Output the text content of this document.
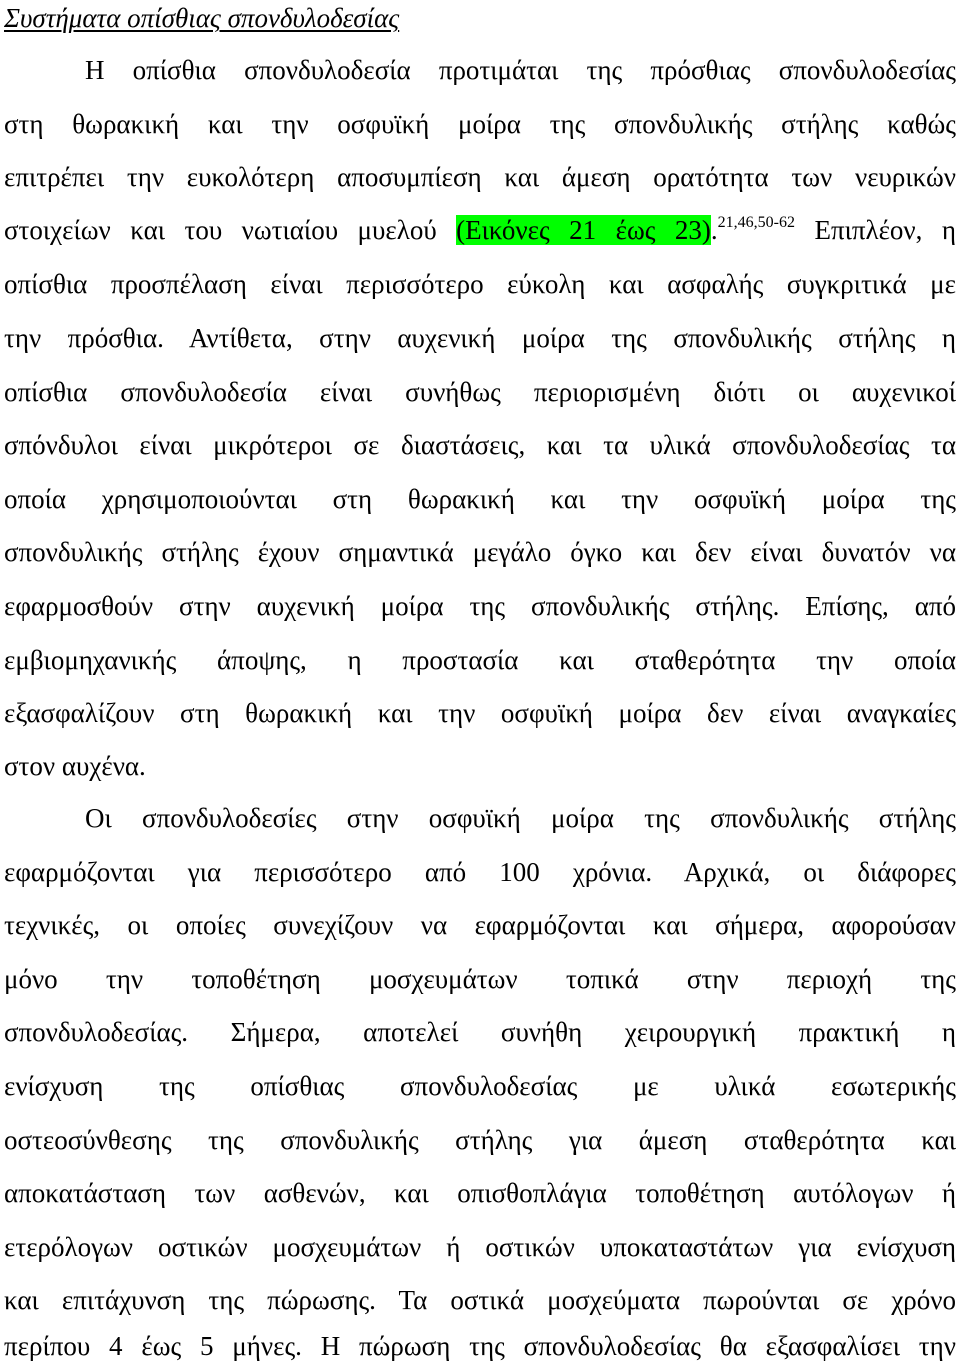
Συστήματα οπίσθιας σπονδυλοδεσίας
Η οπίσθια σπονδυλοδεσία προτιμάται της πρόσθιας σπονδυλοδεσίας
στη θωρακική και την οσφυϊκή μοίρα της σπονδυλικής στήλης καθώς
επιτρέπει την ευκολότερη αποσυμπίεση και άμεση ορατότητα των νευρικών
στοιχείων και του νωτιαίου μυελού (Εικόνες 21 έως 23).$^{21,46,50-62}$ Επιπλέον, η
οπίσθια προσπέλαση είναι περισσότερο εύκολη και ασφαλής συγκριτικά με
την πρόσθια. Αντίθετα, στην αυχενική μοίρα της σπονδυλικής στήλης η
οπίσθια σπονδυλοδεσία είναι συνήθως περιορισμένη διότι οι αυχενικοί
σπόνδυλοι είναι μικρότεροι σε διαστάσεις, και τα υλικά σπονδυλοδεσίας τα
οποία χρησιμοποιούνται στη θωρακική και την οσφυϊκή μοίρα της
σπονδυλικής στήλης έχουν σημαντικά μεγάλο όγκο και δεν είναι δυνατόν να
εφαρμοσθούν στην αυχενική μοίρα της σπονδυλικής στήλης. Επίσης, από
εμβιομηχανικής άποψης, η προστασία και σταθερότητα την οποία
εξασφαλίζουν στη θωρακική και την οσφυϊκή μοίρα δεν είναι αναγκαίες
στον αυχένα.
Οι σπονδυλοδεσίες στην οσφυϊκή μοίρα της σπονδυλικής στήλης
εφαρμόζονται για περισσότερο από 100 χρόνια. Αρχικά, οι διάφορες
τεχνικές, οι οποίες συνεχίζουν να εφαρμόζονται και σήμερα, αφορούσαν
μόνο την τοποθέτηση μοσχευμάτων τοπικά στην περιοχή της
σπονδυλοδεσίας. Σήμερα, αποτελεί συνήθη χειρουργική πρακτική η
ενίσχυση της οπίσθιας σπονδυλοδεσίας με υλικά εσωτερικής
οστεοσύνθεσης της σπονδυλικής στήλης για άμεση σταθερότητα και
αποκατάσταση των ασθενών, και οπισθοπλάγια τοποθέτηση αυτόλογων ή
ετερόλογων οστικών μοσχευμάτων ή οστικών υποκαταστάτων για ενίσχυση
και επιτάχυνση της πώρωσης. Τα οστικά μοσχεύματα πωρούνται σε χρόνο
περίπου 4 έως 5 μήνες. Η πώρωση της σπονδυλοδεσίας θα εξασφαλίσει την
